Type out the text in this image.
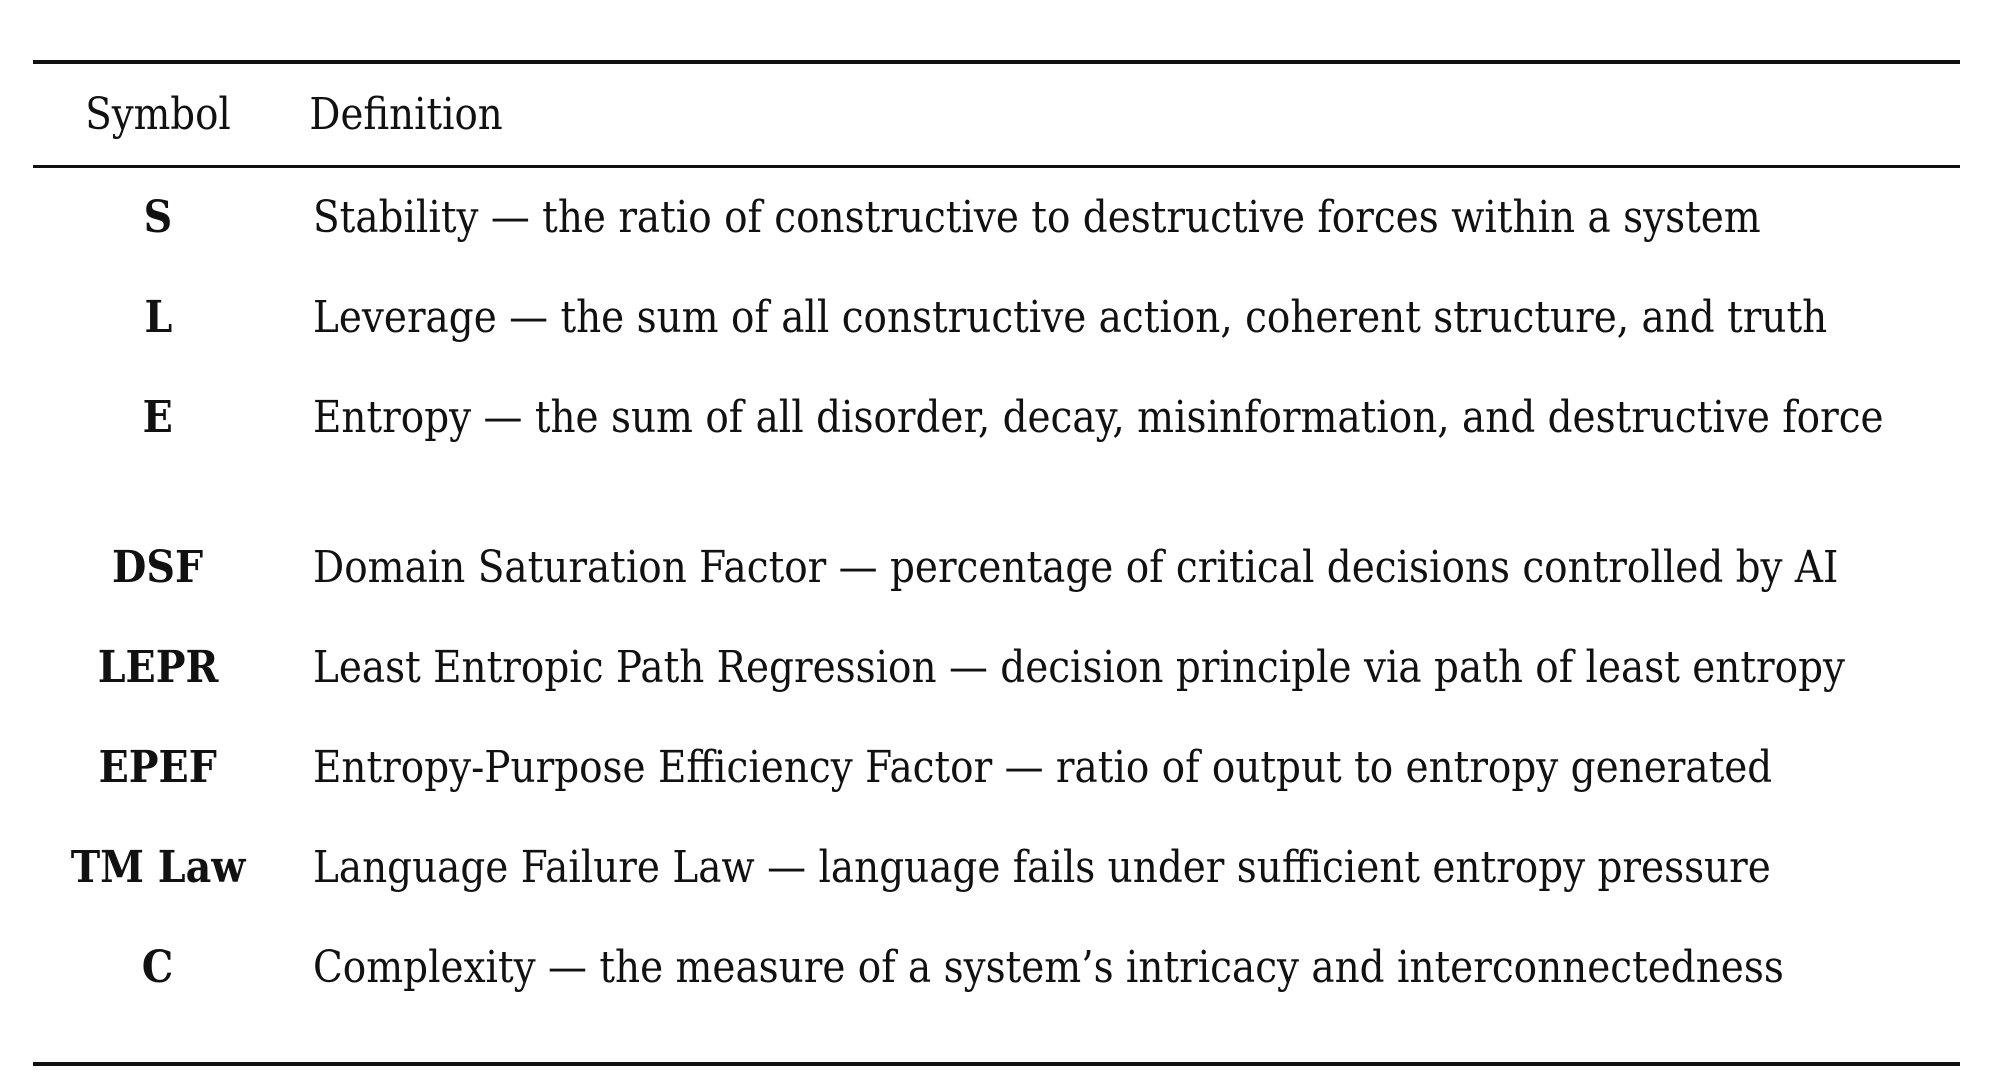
Symbol	Definition
S	Stability — the ratio of constructive to destructive forces within a system
L	Leverage — the sum of all constructive action, coherent structure, and truth
E	Entropy — the sum of all disorder, decay, misinformation, and destructive force
DSF	Domain Saturation Factor — percentage of critical decisions controlled by AI
LEPR	Least Entropic Path Regression — decision principle via path of least entropy
EPEF	Entropy-Purpose Efficiency Factor — ratio of output to entropy generated
TM Law	Language Failure Law — language fails under sufficient entropy pressure
C	Complexity — the measure of a system’s intricacy and interconnectedness
